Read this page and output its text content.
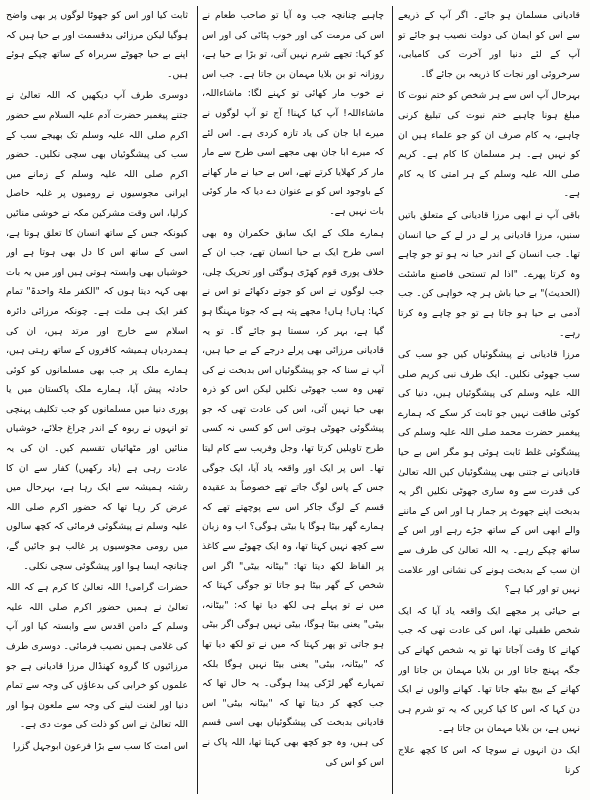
قادیانی مسلمان ہو جائے۔ اگر آپ کے ذریعے سے اس کو ایمان کی دولت نصیب ہو جائے تو آپ کے لئے دنیا اور آخرت کی کامیابی، سرخروئی اور نجات کا ذریعہ بن جائے گا۔

بہرحال آپ اس سے ہر شخص کو ختم نبوت کا مبلغ ہونا چاہیے ختم نبوت کی تبلیغ کرنی چاہیے، یہ کام صرف ان کو جو علماء ہیں ان کو نہیں ہے۔ ہر مسلمان کا کام ہے۔ کریم صلی اللہ علیہ وسلم کے ہر امتی کا یہ کام ہے۔

باقی آپ نے ابھی مرزا قادیانی کے متعلق باتیں سنیں، مرزا قادیانی پر لے در لے کے حیا انسان تھا۔ جب انسان کے اندر حیا نہ ہو تو جو چاہے وہ کرتا پھرے۔ "اذا لم تستحی فاصنع ماشئت (الحدیث)" بے حیا باش ہر چہ خواہی کن۔ جب آدمی بے حیا ہو جاتا ہے تو جو چاہے وہ کرتا رہے۔

مرزا قادیانی نے پیشگوئیاں کیں جو سب کی سب جھوٹی نکلیں۔ ایک طرف نبی کریم صلی اللہ علیہ وسلم کی پیشگوئیاں ہیں، دنیا کی کوئی طاقت نہیں جو ثابت کر سکے کہ ہمارے پیغمبر حضرت محمد صلی اللہ علیہ وسلم کی پیشگوئی غلط ثابت ہوئی ہو مگر اس بے حیا قادیانی نے جتنی بھی پیشگوئیاں کیں اللہ تعالیٰ کی قدرت سے وہ ساری جھوٹی نکلیں اگر یہ بدبخت اپنے جھوٹ پر جمار ہا اور اس کے ماننے والے ابھی اس کے ساتھ جڑے رہے اور اس کے ساتھ چپکے رہے۔ یہ اللہ تعالیٰ کی طرف سے ان سب کے بدبخت ہونے کی نشانی اور علامت نہیں تو اور کیا ہے؟

بے حیائی پر مجھے ایک واقعہ یاد آیا کہ ایک شخص طفیلی تھا، اس کی عادت تھی کہ جب کھانے کا وقت آجاتا تھا تو یہ شخص کھانے کی جگہ پہنچ جاتا اور بن بلایا مہمان بن جاتا اور کھانے کے بیچ بیٹھ جاتا تھا۔ کھانے والوں نے ایک دن کہا کہ اس کا کیا کریں کہ یہ تو شرم ہی نہیں ہے، بن بلایا مہمان بن جاتا ہے۔

ایک دن انہوں نے سوچا کہ اس کا کچھ علاج کرنا

چاہیے چنانچہ جب وہ آیا تو صاحب طعام نے اس کی مرمت کی اور خوب پٹائی کی اور اس کو کہا: تجھے شرم نہیں آتی، تو بڑا بے حیا ہے، روزانہ تو بن بلایا مہمان بن جاتا ہے۔ جب اس نے خوب مار کھائی تو کہنے لگا: ماشاءاللہ، ماشاءاللہ! آپ کیا کہنا! آج تو آپ لوگوں نے میرے ابا جان کی یاد تازہ کردی ہے۔ اس لئے کہ میرے ابا جان بھی مجھے اسی طرح سے مار مار کر کھلایا کرتے تھے، اس بے حیا نے مار کھانے کے باوجود اس کو بے عنوان دے دیا کہ مار کوئی بات نہیں ہے۔

ہمارے ملک کے ایک سابق حکمران وہ بھی اسی طرح ایک بے حیا انسان تھے، جب ان کے خلاف پوری قوم کھڑی ہوگئی اور تحریک چلی، جب لوگوں نے اس کو جوتے دکھائے تو اس نے کہا: ہاں! ہاں! مجھے پتہ ہے کہ جوتا مہنگا ہو گیا ہے، بہر کر، سستا ہو جائے گا۔ تو یہ قادیانی مرزائی بھی پرلے درجے کے بے حیا ہیں، آپ نے سنا کہ جو پیشگوئیاں اس بدبخت نے کی تھیں وہ سب جھوٹی نکلیں لیکن اس کو ذرہ بھی حیا نہیں آئی، اس کی عادت تھی کہ جو پیشگوئی جھوٹی ہوتی اس کو کسی نہ کسی طرح تاویلیں کرتا تھا، وجل وفریب سے کام لیتا تھا۔ اس پر ایک اور واقعہ یاد آیا، ایک جوگی جس کے پاس لوگ جاتے تھے خصوصاً بد عقیدہ قسم کے لوگ جاکر اس سے پوچھتے تھے کہ ہمارے گھر بیٹا ہوگا یا بیٹی ہوگی؟ اب وہ زبان سے کچھ نہیں کہتا تھا، وہ ایک چھوٹے سے کاغذ پر الفاظ لکھ دیتا تھا: "بیٹانہ بیٹی" اگر اس شخص کے گھر بیٹا ہو جاتا تو جوگی کہتا کہ میں نے تو پہلے ہی لکھ دیا تھا کہ: "بیٹانہ، بیٹی" یعنی بیٹا ہوگا، بیٹی نہیں ہوگی اگر بیٹی ہو جاتی تو پھر کہتا کہ میں نے تو لکھ دیا تھا کہ "بیٹانہ، بیٹی" یعنی بیٹا نہیں ہوگا بلکہ تمہارے گھر لڑکی پیدا ہوگی۔ یہ حال تھا کہ جب کچھ کر دیتا تھا کہ "بیٹانہ بیٹی" اس قادیانی بدبخت کی پیشگوئیاں بھی اسی قسم کی ہیں، وہ جو کچھ بھی کہتا تھا، اللہ پاک نے اس کو اس کی

ثابت کیا اور اس کو جھوٹا لوگوں پر بھی واضح ہوگیا لیکن مرزائی بدقسمت اور بے حیا ہیں کہ اپنے بے حیا جھوٹے سربراہ کے ساتھ چپکے ہوئے ہیں۔

دوسری طرف آپ دیکھیں کہ اللہ تعالیٰ نے جتنے پیغمبر حضرت آدم علیہ السلام سے حضور اکرم صلی اللہ علیہ وسلم تک بھیجے سب کے سب کی پیشگوئیاں بھی سچی نکلیں۔ حضور اکرم صلی اللہ علیہ وسلم کے زمانے میں ایرانی مجوسیوں نے رومیوں پر غلبہ حاصل کرلیا، اس وقت مشرکین مکہ نے خوشی منائیں کیونکہ جس کے ساتھ انسان کا تعلق ہوتا ہے، اسی کے ساتھ اس کا دل بھی ہوتا ہے اور خوشیاں بھی وابستہ ہوتی ہیں اور میں یہ بات بھی کہہ دیتا ہوں کہ "الکفر ملۃ واحدۃ" تمام کفر ایک ہی ملت ہے۔ چونکہ مرزائی دائرہ اسلام سے خارج اور مرتد ہیں، ان کی ہمدردیاں ہمیشہ کافروں کے ساتھ رہتی ہیں، ہمارے ملک پر جب بھی مسلمانوں کو کوئی حادثہ پیش آیا، ہمارے ملک پاکستان میں یا پوری دنیا میں مسلمانوں کو جب تکلیف پہنچی تو انہوں نے ربوہ کے اندر چراغ جلائے، خوشیاں منائیں اور مٹھائیاں تقسیم کیں۔ ان کی یہ عادت رہی ہے (یاد رکھیں) کفار سے ان کا رشتہ ہمیشہ سے ایک رہا ہے، بہرحال میں عرض کر رہا تھا کہ حضور اکرم صلی اللہ علیہ وسلم نے پیشگوئی فرمائی کہ کچھ سالوں میں رومی مجوسیوں پر غالب ہو جائیں گے، چنانچہ ایسا ہوا اور پیشگوئی سچی نکلی۔

حضرات گرامی! اللہ تعالیٰ کا کرم ہے کہ اللہ تعالیٰ نے ہمیں حضور اکرم صلی اللہ علیہ وسلم کے دامن اقدس سے وابستہ کیا اور آپ کی غلامی ہمیں نصیب فرمائی۔ دوسری طرف مرزائیوں کا گروہ کھنڈال مرزا قادیانی ہے جو علموں کو خرابی کی بدعاؤں کی وجہ سے تمام دنیا اور لعنت لینے کی وجہ سے ملعون ہوا اور اللہ تعالیٰ نے اس کو ذلت کی موت دی ہے۔

اس امت کا سب سے بڑا فرعون ابوجہل گزرا
